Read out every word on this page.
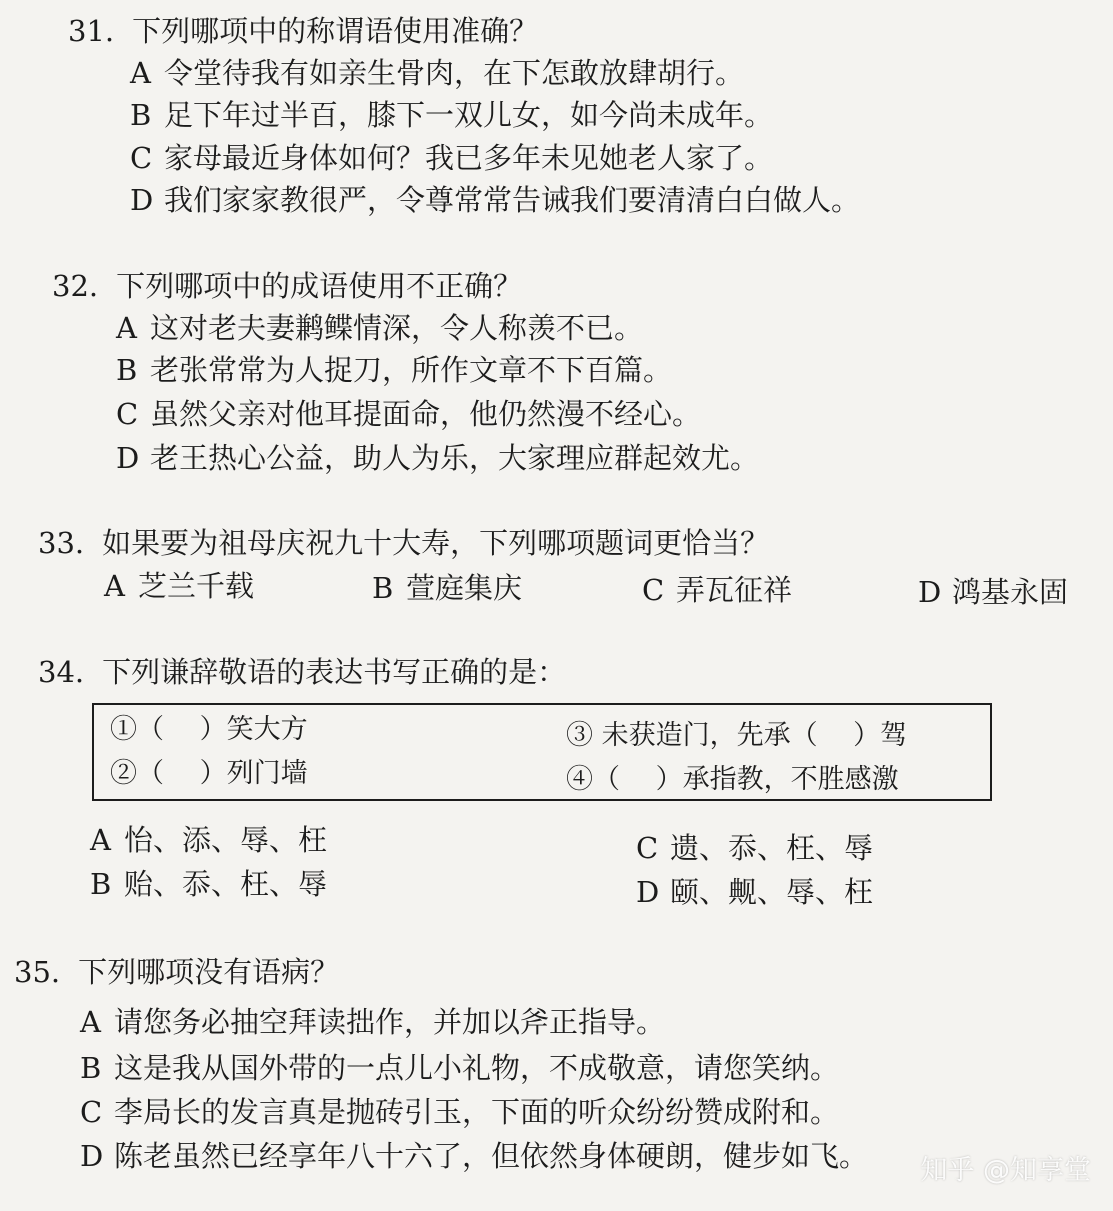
31. 下列哪项中的称谓语使用准确？
A 令堂待我有如亲生骨肉，在下怎敢放肆胡行。
B 足下年过半百，膝下一双儿女，如今尚未成年。
C 家母最近身体如何？我已多年未见她老人家了。
D 我们家家教很严，令尊常常告诫我们要清清白白做人。
32. 下列哪项中的成语使用不正确？
A 这对老夫妻鹣鲽情深，令人称羡不已。
B 老张常常为人捉刀，所作文章不下百篇。
C 虽然父亲对他耳提面命，他仍然漫不经心。
D 老王热心公益，助人为乐，大家理应群起效尤。
33. 如果要为祖母庆祝九十大寿，下列哪项题词更恰当？
A 芝兰千载	B 萱庭集庆	C 弄瓦征祥	D 鸿基永固
34. 下列谦辞敬语的表达书写正确的是：
①（　 ）笑大方
②（　 ）列门墙
③ 未获造门，先承（　 ）驾
④（　 ）承指教，不胜感激
A 怡、添、辱、枉
B 贻、忝、枉、辱
C 遗、忝、枉、辱
D 颐、觍、辱、枉
35. 下列哪项没有语病？
A 请您务必抽空拜读拙作，并加以斧正指导。
B 这是我从国外带的一点儿小礼物，不成敬意，请您笑纳。
C 李局长的发言真是抛砖引玉，下面的听众纷纷赞成附和。
D 陈老虽然已经享年八十六了，但依然身体硬朗，健步如飞。 知乎 @知享堂
